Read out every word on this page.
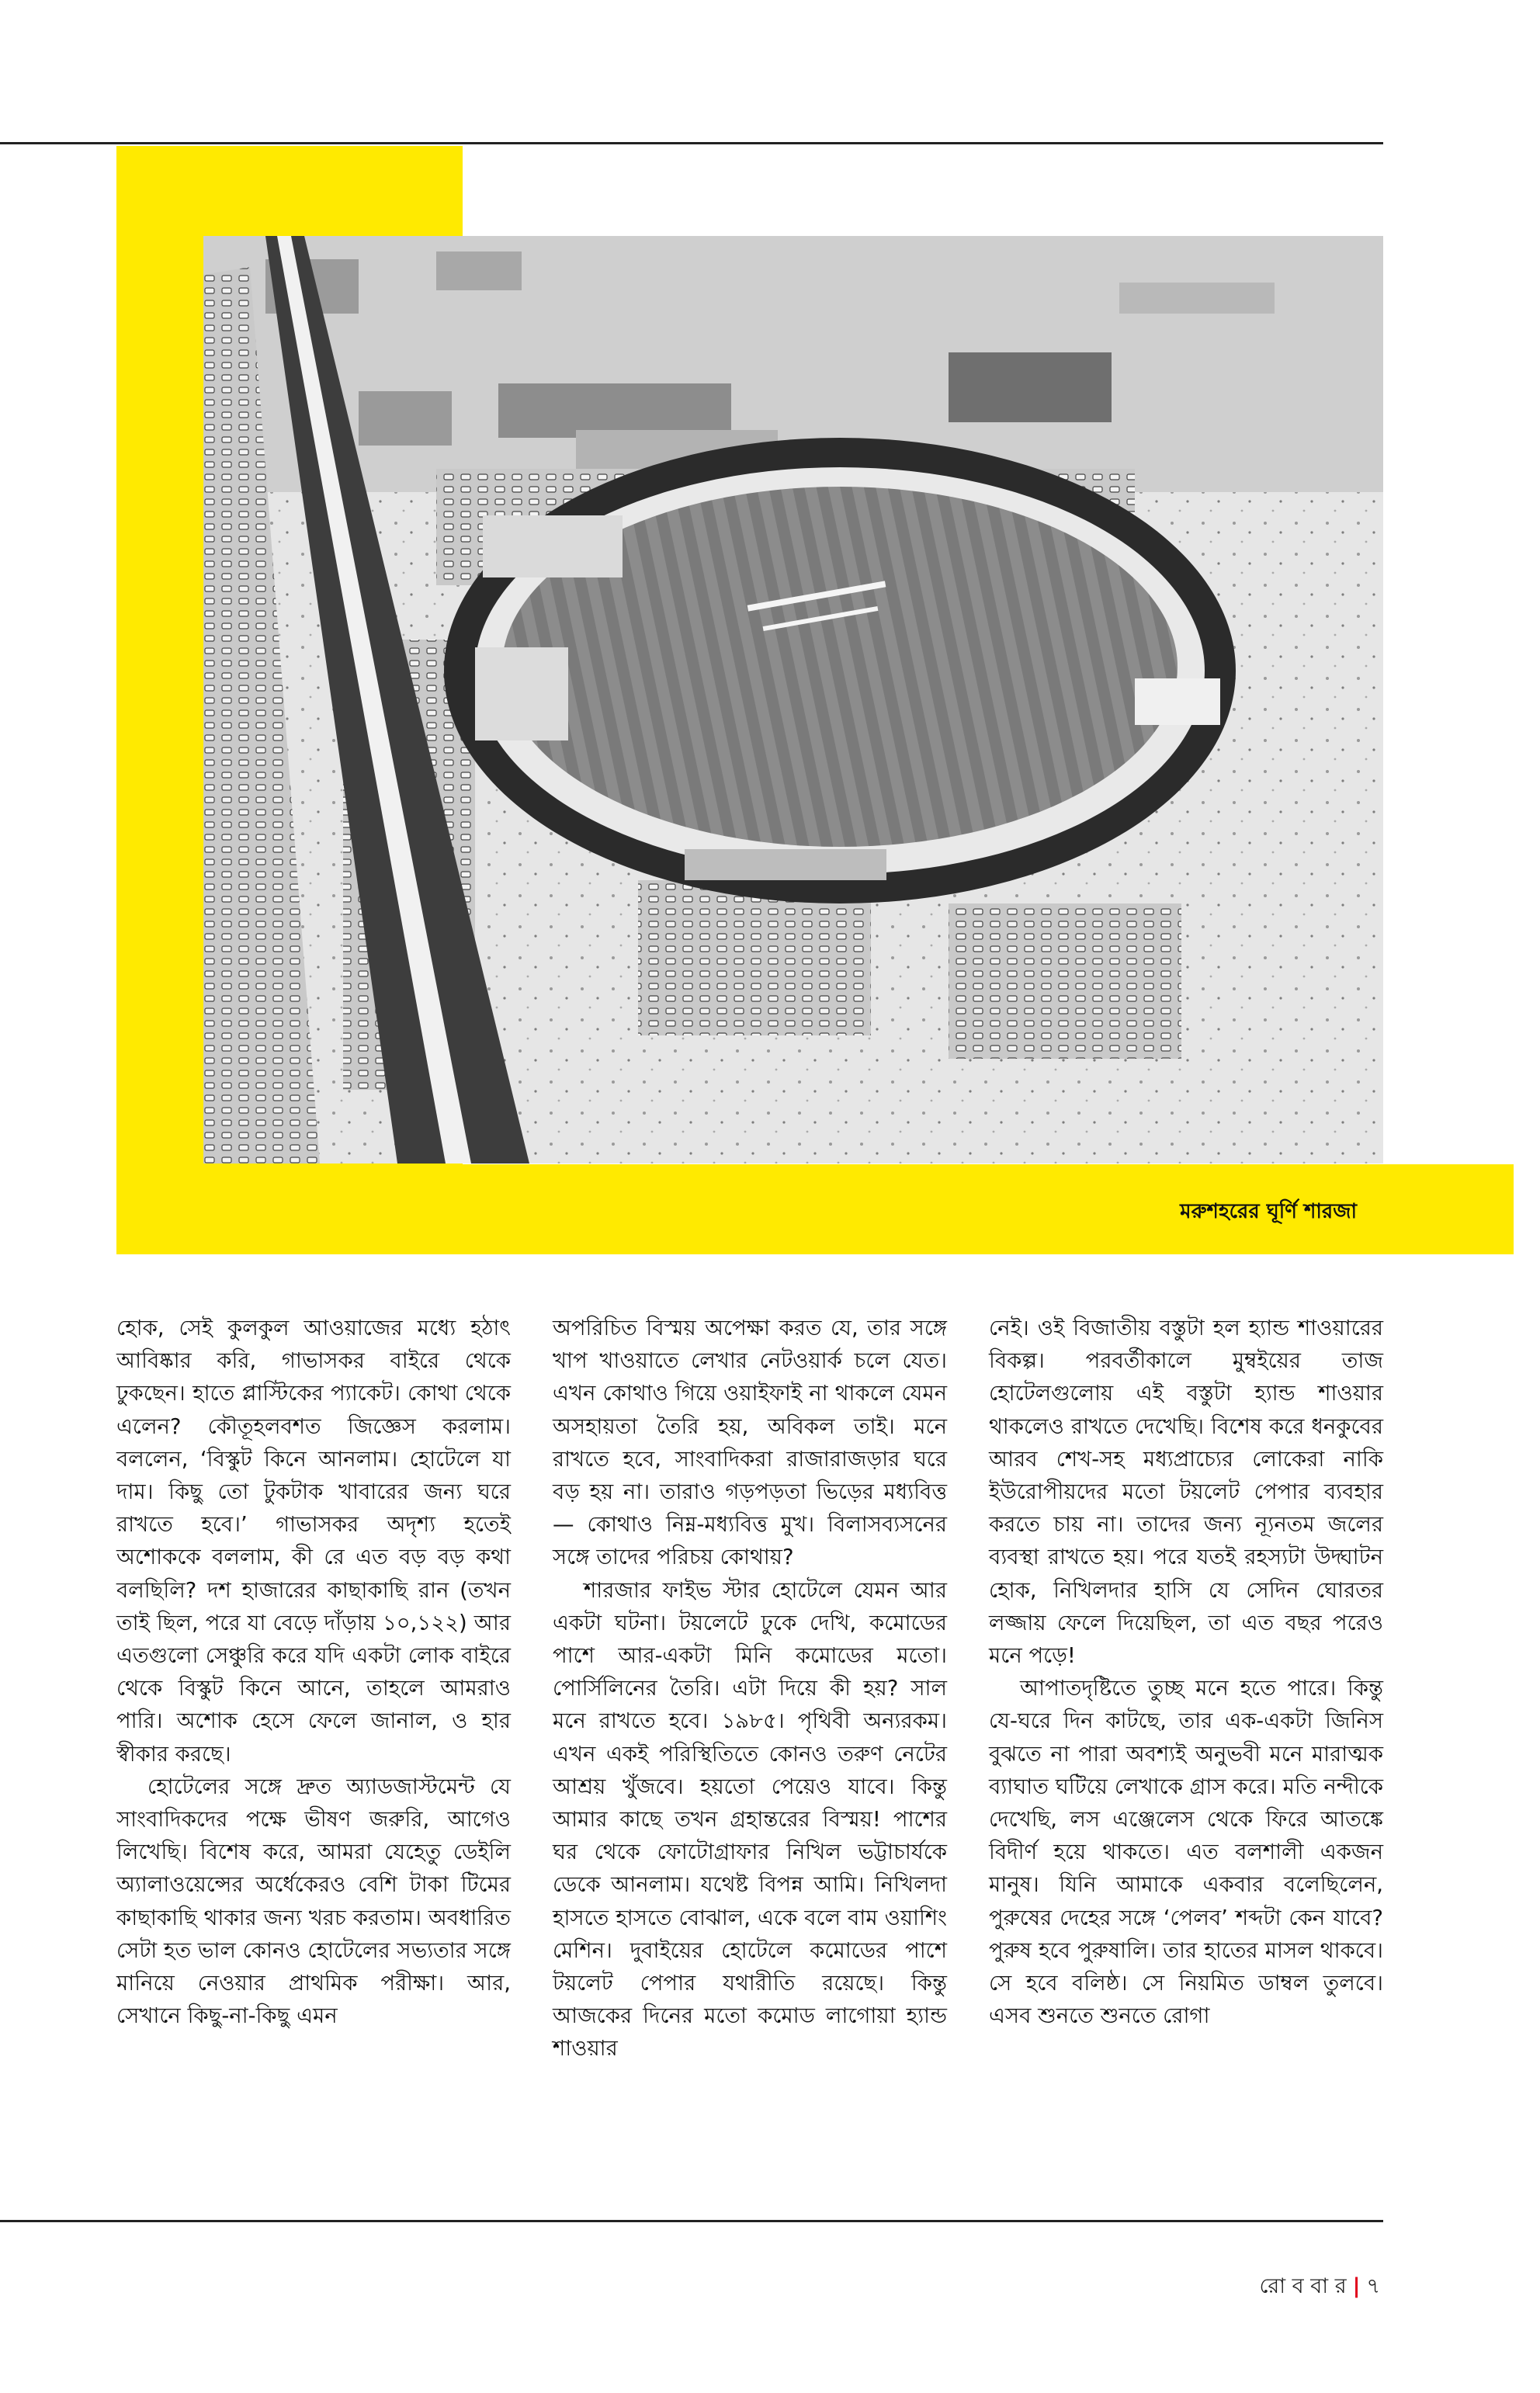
মরুশহরের ঘূর্ণি শারজা

হোক, সেই কুলকুল আওয়াজের মধ্যে হঠাৎ আবিষ্কার করি, গাভাসকর বাইরে থেকে ঢুকছেন। হাতে প্লাস্টিকের প্যাকেট। কোথা থেকে এলেন? কৌতূহলবশত জিজ্ঞেস করলাম। বললেন, ‘বিস্কুট কিনে আনলাম। হোটেলে যা দাম। কিছু তো টুকটাক খাবারের জন্য ঘরে রাখতে হবে।’ গাভাসকর অদৃশ্য হতেই অশোককে বললাম, কী রে এত বড় বড় কথা বলছিলি? দশ হাজারের কাছাকাছি রান (তখন তাই ছিল, পরে যা বেড়ে দাঁড়ায় ১০,১২২) আর এতগুলো সেঞ্চুরি করে যদি একটা লোক বাইরে থেকে বিস্কুট কিনে আনে, তাহলে আমরাও পারি। অশোক হেসে ফেলে জানাল, ও হার স্বীকার করছে।

হোটেলের সঙ্গে দ্রুত অ্যাডজাস্টমেন্ট যে সাংবাদিকদের পক্ষে ভীষণ জরুরি, আগেও লিখেছি। বিশেষ করে, আমরা যেহেতু ডেইলি অ্যালাওয়েন্সের অর্ধেকেরও বেশি টাকা টিমের কাছাকাছি থাকার জন্য খরচ করতাম। অবধারিত সেটা হত ভাল কোনও হোটেলের সভ্যতার সঙ্গে মানিয়ে নেওয়ার প্রাথমিক পরীক্ষা। আর, সেখানে কিছু-না-কিছু এমন

অপরিচিত বিস্ময় অপেক্ষা করত যে, তার সঙ্গে খাপ খাওয়াতে লেখার নেটওয়ার্ক চলে যেত। এখন কোথাও গিয়ে ওয়াইফাই না থাকলে যেমন অসহায়তা তৈরি হয়, অবিকল তাই। মনে রাখতে হবে, সাংবাদিকরা রাজারাজড়ার ঘরে বড় হয় না। তারাও গড়পড়তা ভিড়ের মধ্যবিত্ত— কোথাও নিম্ন-মধ্যবিত্ত মুখ। বিলাসব্যসনের সঙ্গে তাদের পরিচয় কোথায়?

শারজার ফাইভ স্টার হোটেলে যেমন আর একটা ঘটনা। টয়লেটে ঢুকে দেখি, কমোডের পাশে আর-একটা মিনি কমোডের মতো। পোর্সিলিনের তৈরি। এটা দিয়ে কী হয়? সাল মনে রাখতে হবে। ১৯৮৫। পৃথিবী অন্যরকম। এখন একই পরিস্থিতিতে কোনও তরুণ নেটের আশ্রয় খুঁজবে। হয়তো পেয়েও যাবে। কিন্তু আমার কাছে তখন গ্রহান্তরের বিস্ময়! পাশের ঘর থেকে ফোটোগ্রাফার নিখিল ভট্টাচার্যকে ডেকে আনলাম। যথেষ্ট বিপন্ন আমি। নিখিলদা হাসতে হাসতে বোঝাল, একে বলে বাম ওয়াশিং মেশিন। দুবাইয়ের হোটেলে কমোডের পাশে টয়লেট পেপার যথারীতি রয়েছে। কিন্তু আজকের দিনের মতো কমোড লাগোয়া হ্যান্ড শাওয়ার

নেই। ওই বিজাতীয় বস্তুটা হল হ্যান্ড শাওয়ারের বিকল্প। পরবর্তীকালে মুম্বইয়ের তাজ হোটেলগুলোয় এই বস্তুটা হ্যান্ড শাওয়ার থাকলেও রাখতে দেখেছি। বিশেষ করে ধনকুবের আরব শেখ-সহ মধ্যপ্রাচ্যের লোকেরা নাকি ইউরোপীয়দের মতো টয়লেট পেপার ব্যবহার করতে চায় না। তাদের জন্য ন্যূনতম জলের ব্যবস্থা রাখতে হয়। পরে যতই রহস্যটা উদ্ঘাটন হোক, নিখিলদার হাসি যে সেদিন ঘোরতর লজ্জায় ফেলে দিয়েছিল, তা এত বছর পরেও মনে পড়ে!

আপাতদৃষ্টিতে তুচ্ছ মনে হতে পারে। কিন্তু যে-ঘরে দিন কাটছে, তার এক-একটা জিনিস বুঝতে না পারা অবশ্যই অনুভবী মনে মারাত্মক ব্যাঘাত ঘটিয়ে লেখাকে গ্রাস করে। মতি নন্দীকে দেখেছি, লস এঞ্জেলেস থেকে ফিরে আতঙ্কে বিদীর্ণ হয়ে থাকতে। এত বলশালী একজন মানুষ। যিনি আমাকে একবার বলেছিলেন, পুরুষের দেহের সঙ্গে ‘পেলব’ শব্দটা কেন যাবে? পুরুষ হবে পুরুষালি। তার হাতের মাসল থাকবে। সে হবে বলিষ্ঠ। সে নিয়মিত ডাম্বল তুলবে। এসব শুনতে শুনতে রোগা

রো ব বা র | ৭
